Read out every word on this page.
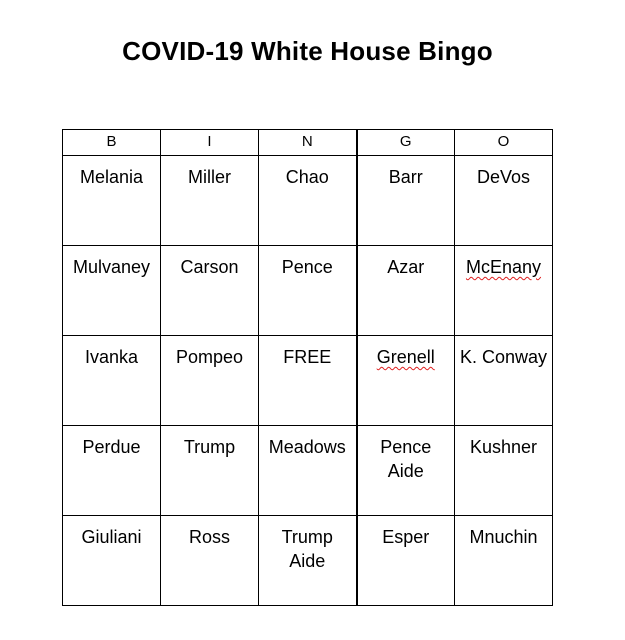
COVID-19 White House Bingo
B	I	N	G	O

Melania	Miller	Chao	Barr	DeVos

Mulvaney	Carson	Pence	Azar	McEnany

Ivanka	Pompeo	FREE	Grenell	K. Conway

Perdue	Trump	Meadows	Pence Aide	Kushner

Giuliani	Ross	Trump Aide	Esper	Mnuchin
